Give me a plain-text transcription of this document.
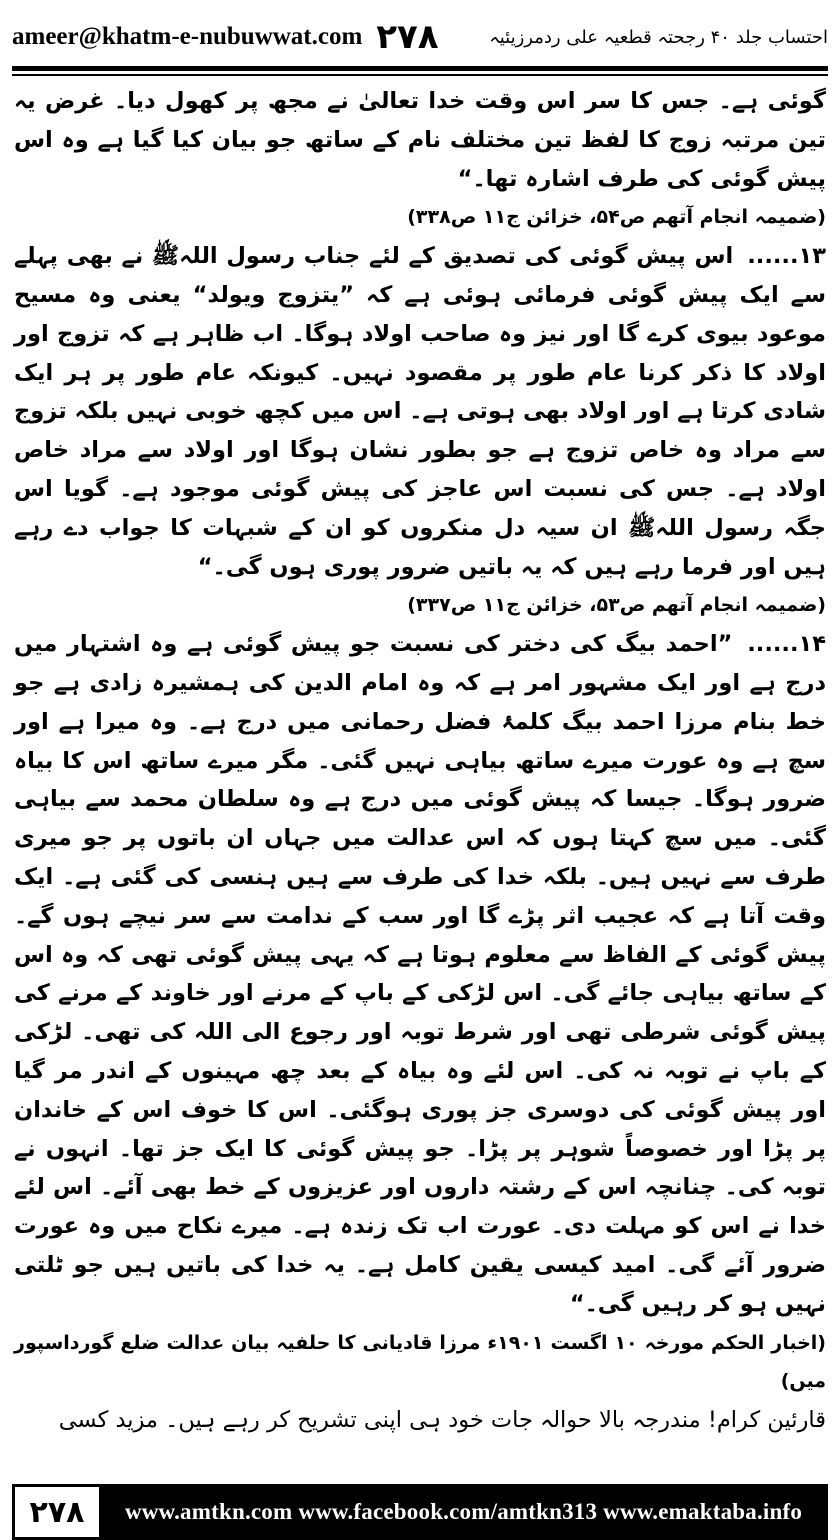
ameer@khatm-e-nubuwwat.com ۲۷۸	احتساب جلد ۴۰ رجحتہ قطعیہ علی ردمرزیئیہ

گوئی ہے۔ جس کا سر اس وقت خدا تعالیٰ نے مجھ پر کھول دیا۔ غرض یہ تین مرتبہ زوج کا لفظ تین مختلف نام کے ساتھ جو بیان کیا گیا ہے وہ اس پیش گوئی کی طرف اشارہ تھا۔“

(ضمیمہ انجام آتھم ص۵۴، خزائن ج۱۱ ص۳۳۸)

۱۳...... اس پیش گوئی کی تصدیق کے لئے جناب رسول اللہﷺ نے بھی پہلے سے ایک پیش گوئی فرمائی ہوئی ہے کہ ”یتزوج ویولد“ یعنی وہ مسیح موعود بیوی کرے گا اور نیز وہ صاحب اولاد ہوگا۔ اب ظاہر ہے کہ تزوج اور اولاد کا ذکر کرنا عام طور پر مقصود نہیں۔ کیونکہ عام طور پر ہر ایک شادی کرتا ہے اور اولاد بھی ہوتی ہے۔ اس میں کچھ خوبی نہیں بلکہ تزوج سے مراد وہ خاص تزوج ہے جو بطور نشان ہوگا اور اولاد سے مراد خاص اولاد ہے۔ جس کی نسبت اس عاجز کی پیش گوئی موجود ہے۔ گویا اس جگہ رسول اللہﷺ ان سیہ دل منکروں کو ان کے شبہات کا جواب دے رہے ہیں اور فرما رہے ہیں کہ یہ باتیں ضرور پوری ہوں گی۔“

(ضمیمہ انجام آتھم ص۵۳، خزائن ج۱۱ ص۳۳۷)

۱۴...... ”احمد بیگ کی دختر کی نسبت جو پیش گوئی ہے وہ اشتہار میں درج ہے اور ایک مشہور امر ہے کہ وہ امام الدین کی ہمشیرہ زادی ہے جو خط بنام مرزا احمد بیگ کلمۂ فضل رحمانی میں درج ہے۔ وہ میرا ہے اور سچ ہے وہ عورت میرے ساتھ بیاہی نہیں گئی۔ مگر میرے ساتھ اس کا بیاہ ضرور ہوگا۔ جیسا کہ پیش گوئی میں درج ہے وہ سلطان محمد سے بیاہی گئی۔ میں سچ کہتا ہوں کہ اس عدالت میں جہاں ان باتوں پر جو میری طرف سے نہیں ہیں۔ بلکہ خدا کی طرف سے ہیں ہنسی کی گئی ہے۔ ایک وقت آتا ہے کہ عجیب اثر پڑے گا اور سب کے ندامت سے سر نیچے ہوں گے۔ پیش گوئی کے الفاظ سے معلوم ہوتا ہے کہ یہی پیش گوئی تھی کہ وہ اس کے ساتھ بیاہی جائے گی۔ اس لڑکی کے باپ کے مرنے اور خاوند کے مرنے کی پیش گوئی شرطی تھی اور شرط توبہ اور رجوع الی اللہ کی تھی۔ لڑکی کے باپ نے توبہ نہ کی۔ اس لئے وہ بیاہ کے بعد چھ مہینوں کے اندر مر گیا اور پیش گوئی کی دوسری جز پوری ہوگئی۔ اس کا خوف اس کے خاندان پر پڑا اور خصوصاً شوہر پر پڑا۔ جو پیش گوئی کا ایک جز تھا۔ انہوں نے توبہ کی۔ چنانچہ اس کے رشتہ داروں اور عزیزوں کے خط بھی آئے۔ اس لئے خدا نے اس کو مہلت دی۔ عورت اب تک زندہ ہے۔ میرے نکاح میں وہ عورت ضرور آئے گی۔ امید کیسی یقین کامل ہے۔ یہ خدا کی باتیں ہیں جو ٹلتی نہیں ہو کر رہیں گی۔“

(اخبار الحکم مورخہ ۱۰ اگست ۱۹۰۱ء مرزا قادیانی کا حلفیہ بیان عدالت ضلع گورداسپور میں)

قارئین کرام! مندرجہ بالا حوالہ جات خود ہی اپنی تشریح کر رہے ہیں۔ مزید کسی

۲۷۸	www.amtkn.com www.facebook.com/amtkn313 www.emaktaba.info
